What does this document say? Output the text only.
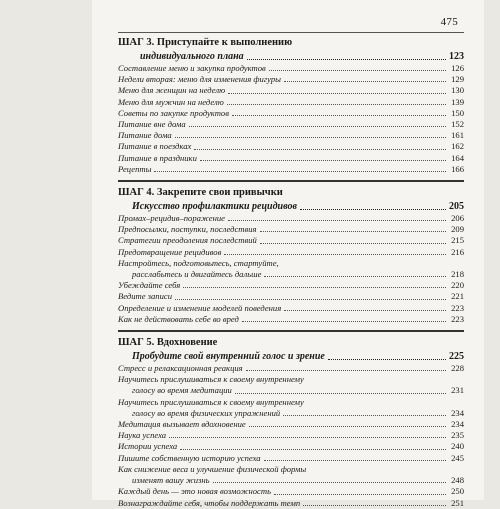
475
ШАГ 3. Приступайте к выполнению
индивидуального плана	123
Составление меню и закупка продуктов	126
Недели вторая: меню для изменения фигуры	129
Меню для женщин на неделю	130
Меню для мужчин на неделю	139
Советы по закупке продуктов	150
Питание вне дома	152
Питание дома	161
Питание в поездках	162
Питание в праздники	164
Рецепты	166
ШАГ 4. Закрепите свои привычки
Искусство профилактики рецидивов	205
Промах–рецидив–поражение	206
Предпосылки, поступки, последствия	209
Стратегии преодоления последствий	215
Предотвращение рецидивов	216
Настройтесь, подготовьтесь, стартуйте,
расслабьтесь и двигайтесь дальше	218
Убеждайте себя	220
Ведите записи	221
Определение и изменение моделей поведения	223
Как не действовать себе во вред	223
ШАГ 5. Вдохновение
Пробудите свой внутренний голос и зрение	225
Стресс и релаксационная реакция	228
Научитесь прислушиваться к своему внутреннему
голосу во время медитации	231
Научитесь прислушиваться к своему внутреннему
голосу во время физических упражнений	234
Медитация вызывает вдохновение	234
Наука успеха	235
Истории успеха	240
Пишите собственную историю успеха	245
Как снижение веса и улучшение физической формы
изменят вашу жизнь	248
Каждый день — это новая возможность	250
Вознаграждайте себя, чтобы поддержать темп	251
